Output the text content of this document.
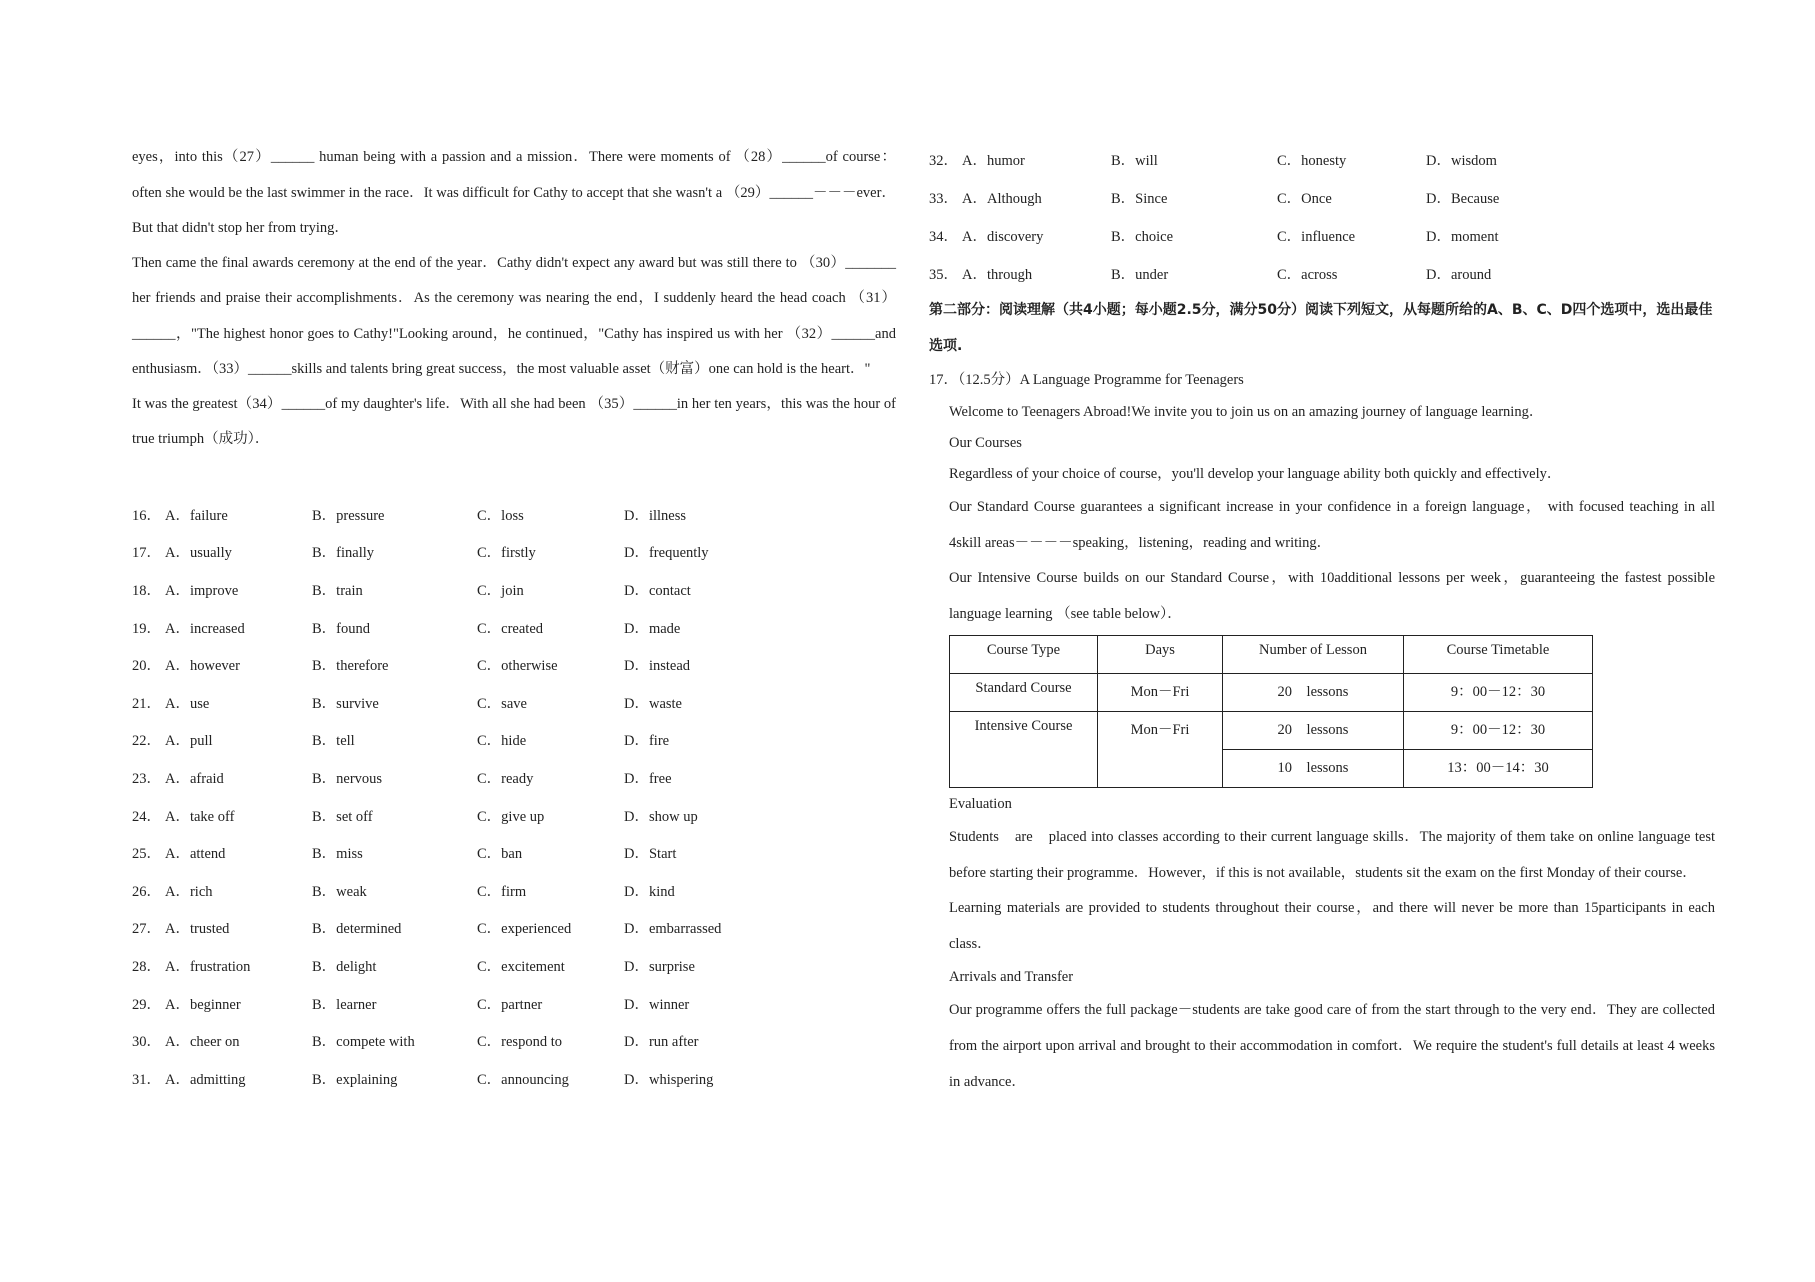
eyes，into this（27）______ human being with a passion and a mission．There were moments of （28）______of course： often she would be the last swimmer in the race．It was difficult for Cathy to accept that she wasn't a （29）______－－－ever．But that didn't stop her from trying．

Then came the final awards ceremony at the end of the year．Cathy didn't expect any award but was still there to （30）_______ her friends and praise their accomplishments．As the ceremony was nearing the end，I suddenly heard the head coach （31）______，"The highest honor goes to Cathy!"Looking around，he continued，"Cathy has inspired us with her （32）______and enthusiasm．（33）______skills and talents bring great success，the most valuable asset（财富）one can hold is the heart．"

It was the greatest（34）______of my daughter's life．With all she had been （35）______in her ten years，this was the hour of true triumph（成功）．

16． A．failure	B．pressure	C．loss	D．illness
17． A．usually	B．finally	C．firstly	D．frequently
18． A．improve	B．train	C．join	D．contact
19． A．increased	B．found	C．created	D．made
20． A．however	B．therefore	C．otherwise	D．instead
21． A．use	B．survive	C．save	D．waste
22． A．pull	B．tell	C．hide	D．fire
23． A．afraid	B．nervous	C．ready	D．free
24． A．take off	B．set off	C．give up	D．show up
25． A．attend	B．miss	C．ban	D．Start
26． A．rich	B．weak	C．firm	D．kind
27． A．trusted	B．determined	C．experienced	D．embarrassed
28． A．frustration	B．delight	C．excitement	D．surprise
29． A．beginner	B．learner	C．partner	D．winner
30． A．cheer on	B．compete with	C．respond to	D．run after
31． A．admitting	B．explaining	C．announcing	D．whispering
32． A．humor	B．will	C．honesty	D．wisdom
33． A．Although	B．Since	C．Once	D．Because
34． A．discovery	B．choice	C．influence	D．moment
35． A．through	B．under	C．across	D．around

第二部分：阅读理解（共4小题；每小题2.5分，满分50分）阅读下列短文，从每题所给的A、B、C、D四个选项中，选出最佳选项.

17．（12.5分）A Language Programme for Teenagers

Welcome to Teenagers Abroad!We invite you to join us on an amazing journey of language learning．

Our Courses

Regardless of your choice of course，you'll develop your language ability both quickly and effectively．

Our Standard Course guarantees a significant increase in your confidence in a foreign language， with focused teaching in all 4skill areas－－－－speaking，listening，reading and writing．

Our Intensive Course builds on our Standard Course，with 10additional lessons per week，guaranteeing the fastest possible language learning （see table below）．

Course Type	Days	Number of Lesson	Course Timetable
Standard Course	Mon－Fri	20　lessons	9：00－12：30
Intensive Course	Mon－Fri	20　lessons	9：00－12：30
		10　lessons	13：00－14：30

Evaluation

Students　are　placed into classes according to their current language skills．The majority of them take on online language test before starting their programme．However，if this is not available，students sit the exam on the first Monday of their course．

Learning materials are provided to students throughout their course，and there will never be more than 15participants in each class．

Arrivals and Transfer

Our programme offers the full package－students are take good care of from the start through to the very end．They are collected from the airport upon arrival and brought to their accommodation in comfort．We require the student's full details at least 4 weeks in advance．
